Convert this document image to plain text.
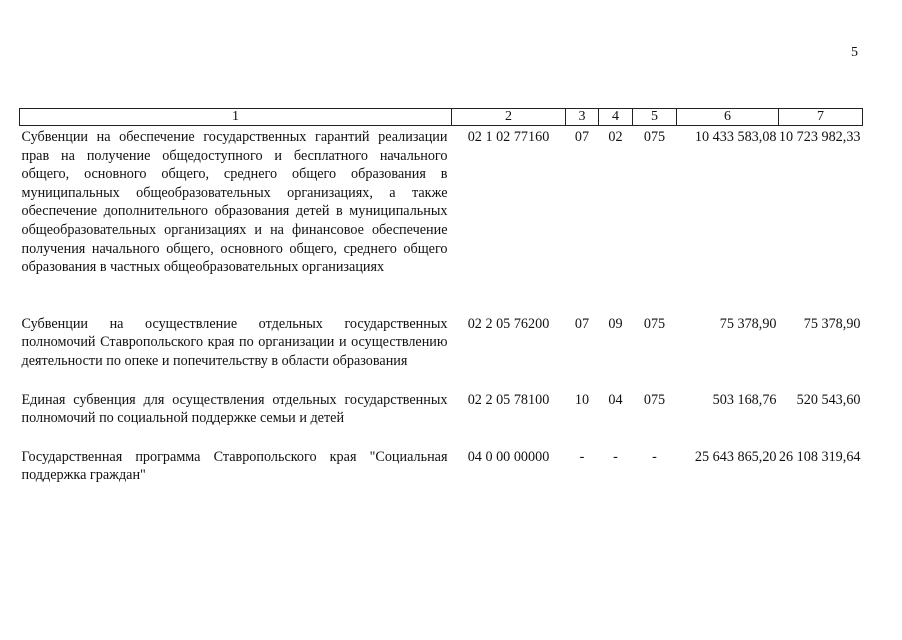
5
1	2	3	4	5	6	7
Субвенции на обеспечение государственных гарантий реализации прав на получение общедоступного и бесплатного начального общего, основного общего, среднего общего образования в муниципальных общеобразовательных организациях, а также обеспечение дополнительного образования детей в муниципальных общеобразовательных организациях и на финансовое обеспечение получения начального общего, основного общего, среднего общего образования в частных общеобразовательных организациях	02 1 02 77160	07	02	075	10 433 583,08	10 723 982,33
Субвенции на осуществление отдельных государственных полномочий Ставропольского края по организации и осуществлению деятельности по опеке и попечительству в области образования	02 2 05 76200	07	09	075	75 378,90	75 378,90
Единая субвенция для осуществления отдельных государственных полномочий по социальной поддержке семьи и детей	02 2 05 78100	10	04	075	503 168,76	520 543,60
Государственная программа Ставропольского края "Социальная поддержка граждан"	04 0 00 00000	-	-	-	25 643 865,20	26 108 319,64
